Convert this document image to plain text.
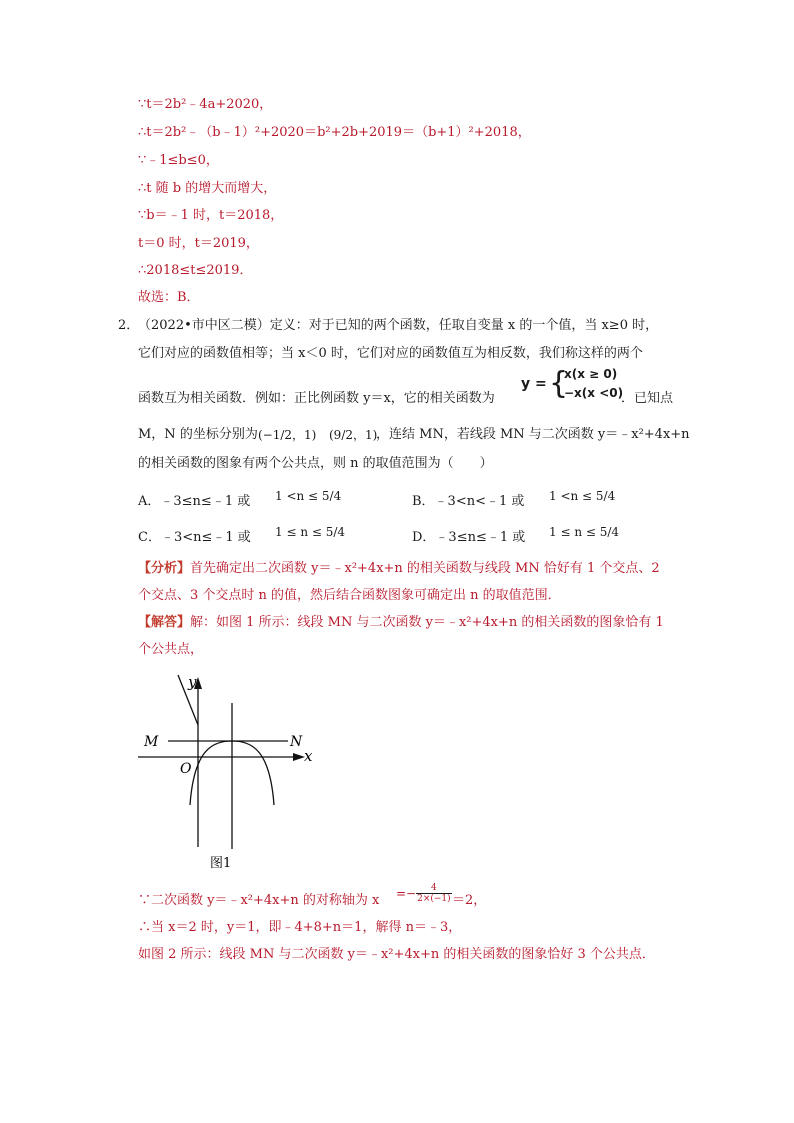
∵t＝2b²﹣4a+2020，
∴t＝2b²﹣（b﹣1）²+2020＝b²+2b+2019＝（b+1）²+2018，
∵﹣1≤b≤0，
∴t 随 b 的增大而增大，
∵b＝﹣1 时，t＝2018，
t＝0 时，t＝2019，
∴2018≤t≤2019．
故选：B．
2．
（2022•市中区二模）定义：对于已知的两个函数，任取自变量 x 的一个值，当 x≥0 时，
它们对应的函数值相等；当 x＜0 时，它们对应的函数值互为相反数，我们称这样的两个
函数互为相关函数．例如：正比例函数 y＝x，它的相关函数为
y = {
x(x ≥ 0)
−x(x <0)
．已知点
M，N 的坐标分别为 (−1/2，1) (9/2，1)
，连结 MN，若线段 MN 与二次函数 y＝﹣x²+4x+n
的相关函数的图象有两个公共点，则 n 的取值范围为（　　）
A．﹣3≤n≤﹣1 或 1 <n ≤ 5/4	B．﹣3<n<﹣1 或 1 <n ≤ 5/4
C．﹣3<n≤﹣1 或 1 ≤ n ≤ 5/4	D．﹣3≤n≤﹣1 或 1 ≤ n ≤ 5/4
【分析】首先确定出二次函数 y＝﹣x²+4x+n 的相关函数与线段 MN 恰好有 1 个交点、2
个交点、3 个交点时 n 的值，然后结合函数图象可确定出 n 的取值范围．
【解答】解：如图 1 所示：线段 MN 与二次函数 y＝﹣x²+4x+n 的相关函数的图象恰有 1
个公共点，
y
x
M	N
O
图1
∵二次函数 y＝﹣x²+4x+n 的对称轴为 $x =- \frac{4}{2\times(-1)} =2$，
∴当 x＝2 时，y＝1，即﹣4+8+n＝1，解得 n＝﹣3，
如图 2 所示：线段 MN 与二次函数 y＝﹣x²+4x+n 的相关函数的图象恰好 3 个公共点．
